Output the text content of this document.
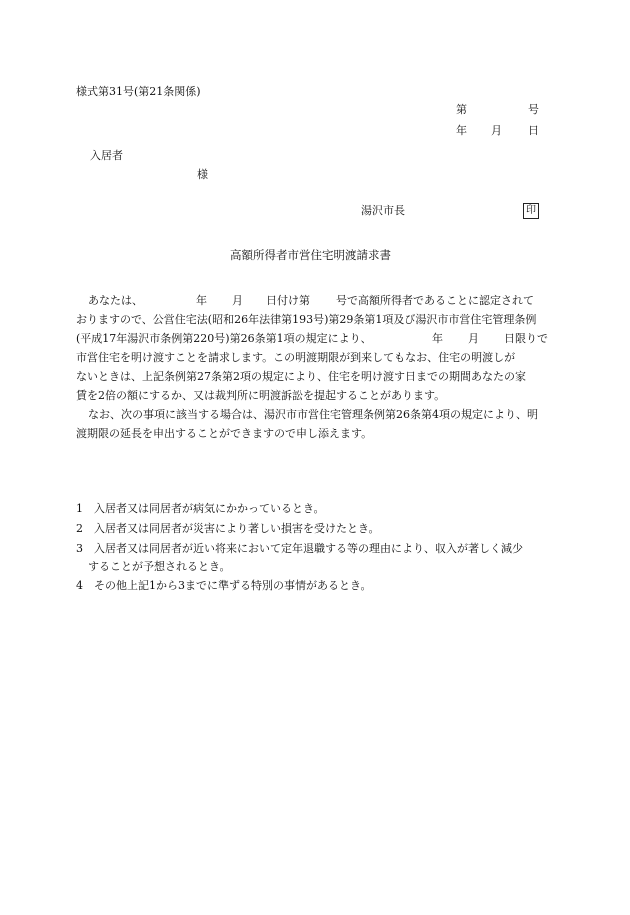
様式第31号(第21条関係)
第	号
年 月 日
入居者
様
湯沢市長	印
高額所得者市営住宅明渡請求書
あなたは、	年 月 日付け第 号で高額所得者であることに認定されて
おりますので、公営住宅法(昭和26年法律第193号)第29条第1項及び湯沢市市営住宅管理条例
(平成17年湯沢市条例第220号)第26条第1項の規定により、	年 月 日限りで
市営住宅を明け渡すことを請求します。この明渡期限が到来してもなお、住宅の明渡しが
ないときは、上記条例第27条第2項の規定により、住宅を明け渡す日までの期間あなたの家
賃を2倍の額にするか、又は裁判所に明渡訴訟を提起することがあります。
なお、次の事項に該当する場合は、湯沢市市営住宅管理条例第26条第4項の規定により、明
渡期限の延長を申出することができますので申し添えます。
1 入居者又は同居者が病気にかかっているとき。
2 入居者又は同居者が災害により著しい損害を受けたとき。
3 入居者又は同居者が近い将来において定年退職する等の理由により、収入が著しく減少
することが予想されるとき。
4 その他上記1から3までに準ずる特別の事情があるとき。
